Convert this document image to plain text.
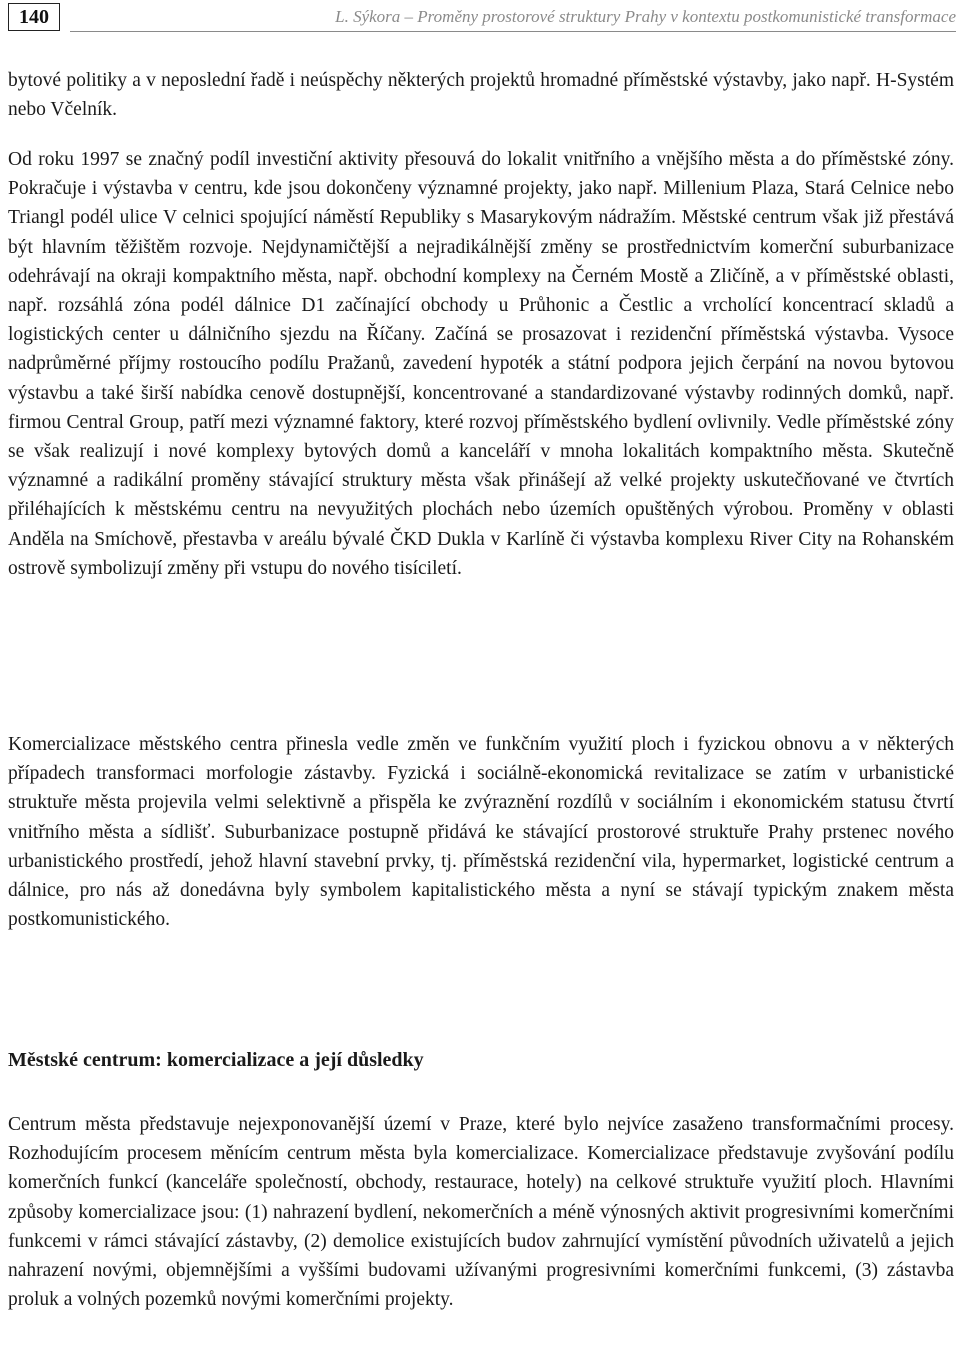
140	L. Sýkora – Proměny prostorové struktury Prahy v kontextu postkomunistické transformace

bytové politiky a v neposlední řadě i neúspěchy některých projektů hromadné příměstské výstavby, jako např. H-Systém nebo Včelník.

Od roku 1997 se značný podíl investiční aktivity přesouvá do lokalit vnitřního a vnějšího města a do příměstské zóny. Pokračuje i výstavba v centru, kde jsou dokončeny významné projekty, jako např. Millenium Plaza, Stará Celnice nebo Triangl podél ulice V celnici spojující náměstí Republiky s Masarykovým nádražím. Městské centrum však již přestává být hlavním těžištěm rozvoje. Nejdynamičtější a nejradikálnější změny se prostřednictvím komerční suburbanizace odehrávají na okraji kompaktního města, např. obchodní komplexy na Černém Mostě a Zličíně, a v příměstské oblasti, např. rozsáhlá zóna podél dálnice D1 začínající obchody u Průhonic a Čestlic a vrcholící koncentrací skladů a logistických center u dálničního sjezdu na Říčany. Začíná se prosazovat i rezidenční příměstská výstavba. Vysoce nadprůměrné příjmy rostoucího podílu Pražanů, zavedení hypoték a státní podpora jejich čerpání na novou bytovou výstavbu a také širší nabídka cenově dostupnější, koncentrované a standardizované výstavby rodinných domků, např. firmou Central Group, patří mezi významné faktory, které rozvoj příměstského bydlení ovlivnily. Vedle příměstské zóny se však realizují i nové komplexy bytových domů a kanceláří v mnoha lokalitách kompaktního města. Skutečně významné a radikální proměny stávající struktury města však přinášejí až velké projekty uskutečňované ve čtvrtích přiléhajících k městskému centru na nevyužitých plochách nebo územích opuštěných výrobou. Proměny v oblasti Anděla na Smíchově, přestavba v areálu bývalé ČKD Dukla v Karlíně či výstavba komplexu River City na Rohanském ostrově symbolizují změny při vstupu do nového tisíciletí.

Komercializace městského centra přinesla vedle změn ve funkčním využití ploch i fyzickou obnovu a v některých případech transformaci morfologie zástavby. Fyzická i sociálně-ekonomická revitalizace se zatím v urbanistické struktuře města projevila velmi selektivně a přispěla ke zvýraznění rozdílů v sociálním i ekonomickém statusu čtvrtí vnitřního města a sídlišť. Suburbanizace postupně přidává ke stávající prostorové struktuře Prahy prstenec nového urbanistického prostředí, jehož hlavní stavební prvky, tj. příměstská rezidenční vila, hypermarket, logistické centrum a dálnice, pro nás až donedávna byly symbolem kapitalistického města a nyní se stávají typickým znakem města postkomunistického.

Městské centrum: komercializace a její důsledky

Centrum města představuje nejexponovanější území v Praze, které bylo nejvíce zasaženo transformačními procesy. Rozhodujícím procesem měnícím centrum města byla komercializace. Komercializace představuje zvyšování podílu komerčních funkcí (kanceláře společností, obchody, restaurace, hotely) na celkové struktuře využití ploch. Hlavními způsoby komercializace jsou: (1) nahrazení bydlení, nekomerčních a méně výnosných aktivit progresivními komerčními funkcemi v rámci stávající zástavby, (2) demolice existujících budov zahrnující vymístění původních uživatelů a jejich nahrazení novými, objemnějšími a vyššími budovami užívanými progresivními komerčními funkcemi, (3) zástavba proluk a volných pozemků novými komerčními projekty.
